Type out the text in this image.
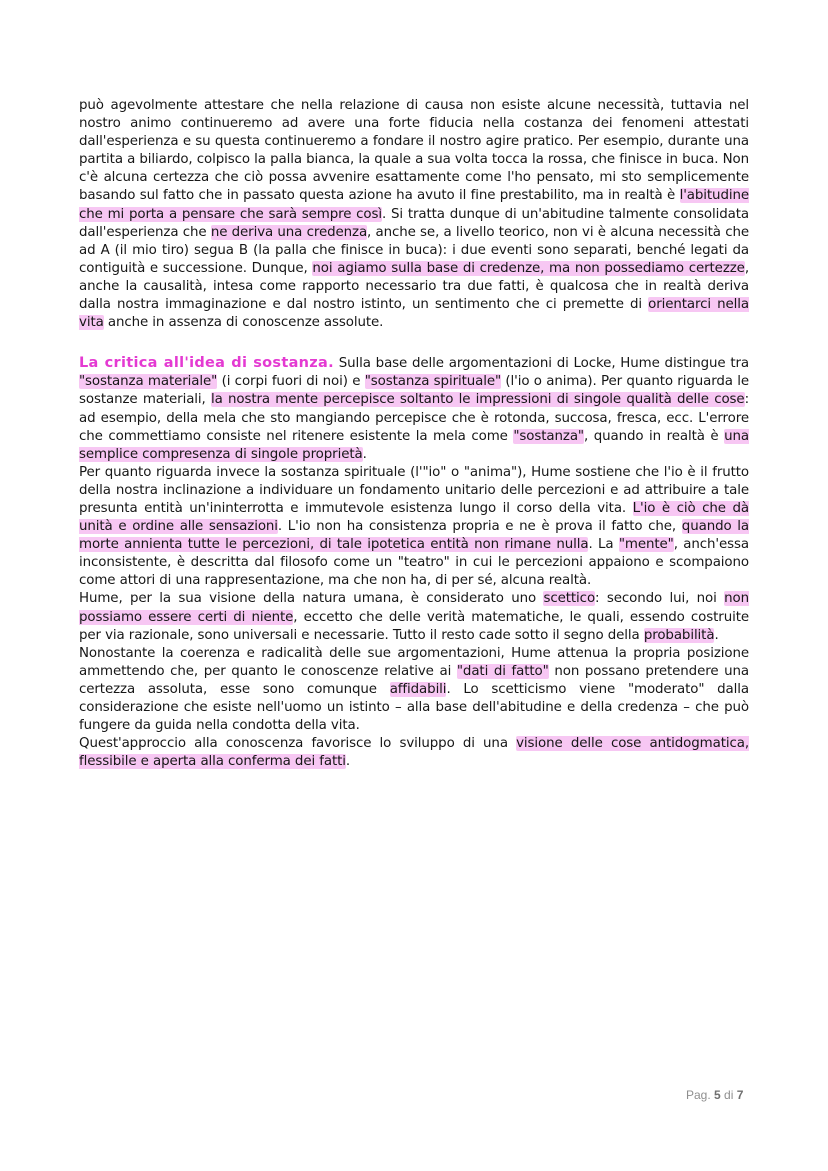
può agevolmente attestare che nella relazione di causa non esiste alcune necessità, tuttavia nel nostro animo continueremo ad avere una forte fiducia nella costanza dei fenomeni attestati dall'esperienza e su questa continueremo a fondare il nostro agire pratico. Per esempio, durante una partita a biliardo, colpisco la palla bianca, la quale a sua volta tocca la rossa, che finisce in buca. Non c'è alcuna certezza che ciò possa avvenire esattamente come l'ho pensato, mi sto semplicemente basando sul fatto che in passato questa azione ha avuto il fine prestabilito, ma in realtà è l'abitudine che mi porta a pensare che sarà sempre così. Si tratta dunque di un'abitudine talmente consolidata dall'esperienza che ne deriva una credenza, anche se, a livello teorico, non vi è alcuna necessità che ad A (il mio tiro) segua B (la palla che finisce in buca): i due eventi sono separati, benché legati da contiguità e successione. Dunque, noi agiamo sulla base di credenze, ma non possediamo certezze, anche la causalità, intesa come rapporto necessario tra due fatti, è qualcosa che in realtà deriva dalla nostra immaginazione e dal nostro istinto, un sentimento che ci premette di orientarci nella vita anche in assenza di conoscenze assolute.

La critica all'idea di sostanza. Sulla base delle argomentazioni di Locke, Hume distingue tra "sostanza materiale" (i corpi fuori di noi) e "sostanza spirituale" (l'io o anima). Per quanto riguarda le sostanze materiali, la nostra mente percepisce soltanto le impressioni di singole qualità delle cose: ad esempio, della mela che sto mangiando percepisce che è rotonda, succosa, fresca, ecc. L'errore che commettiamo consiste nel ritenere esistente la mela come "sostanza", quando in realtà è una semplice compresenza di singole proprietà.

Per quanto riguarda invece la sostanza spirituale (l'"io" o "anima"), Hume sostiene che l'io è il frutto della nostra inclinazione a individuare un fondamento unitario delle percezioni e ad attribuire a tale presunta entità un'ininterrotta e immutevole esistenza lungo il corso della vita. L'io è ciò che dà unità e ordine alle sensazioni. L'io non ha consistenza propria e ne è prova il fatto che, quando la morte annienta tutte le percezioni, di tale ipotetica entità non rimane nulla. La "mente", anch'essa inconsistente, è descritta dal filosofo come un "teatro" in cui le percezioni appaiono e scompaiono come attori di una rappresentazione, ma che non ha, di per sé, alcuna realtà.

Hume, per la sua visione della natura umana, è considerato uno scettico: secondo lui, noi non possiamo essere certi di niente, eccetto che delle verità matematiche, le quali, essendo costruite per via razionale, sono universali e necessarie. Tutto il resto cade sotto il segno della probabilità.

Nonostante la coerenza e radicalità delle sue argomentazioni, Hume attenua la propria posizione ammettendo che, per quanto le conoscenze relative ai "dati di fatto" non possano pretendere una certezza assoluta, esse sono comunque affidabili. Lo scetticismo viene "moderato" dalla considerazione che esiste nell'uomo un istinto – alla base dell'abitudine e della credenza – che può fungere da guida nella condotta della vita.

Quest'approccio alla conoscenza favorisce lo sviluppo di una visione delle cose antidogmatica, flessibile e aperta alla conferma dei fatti.

Pag. 5 di 7
